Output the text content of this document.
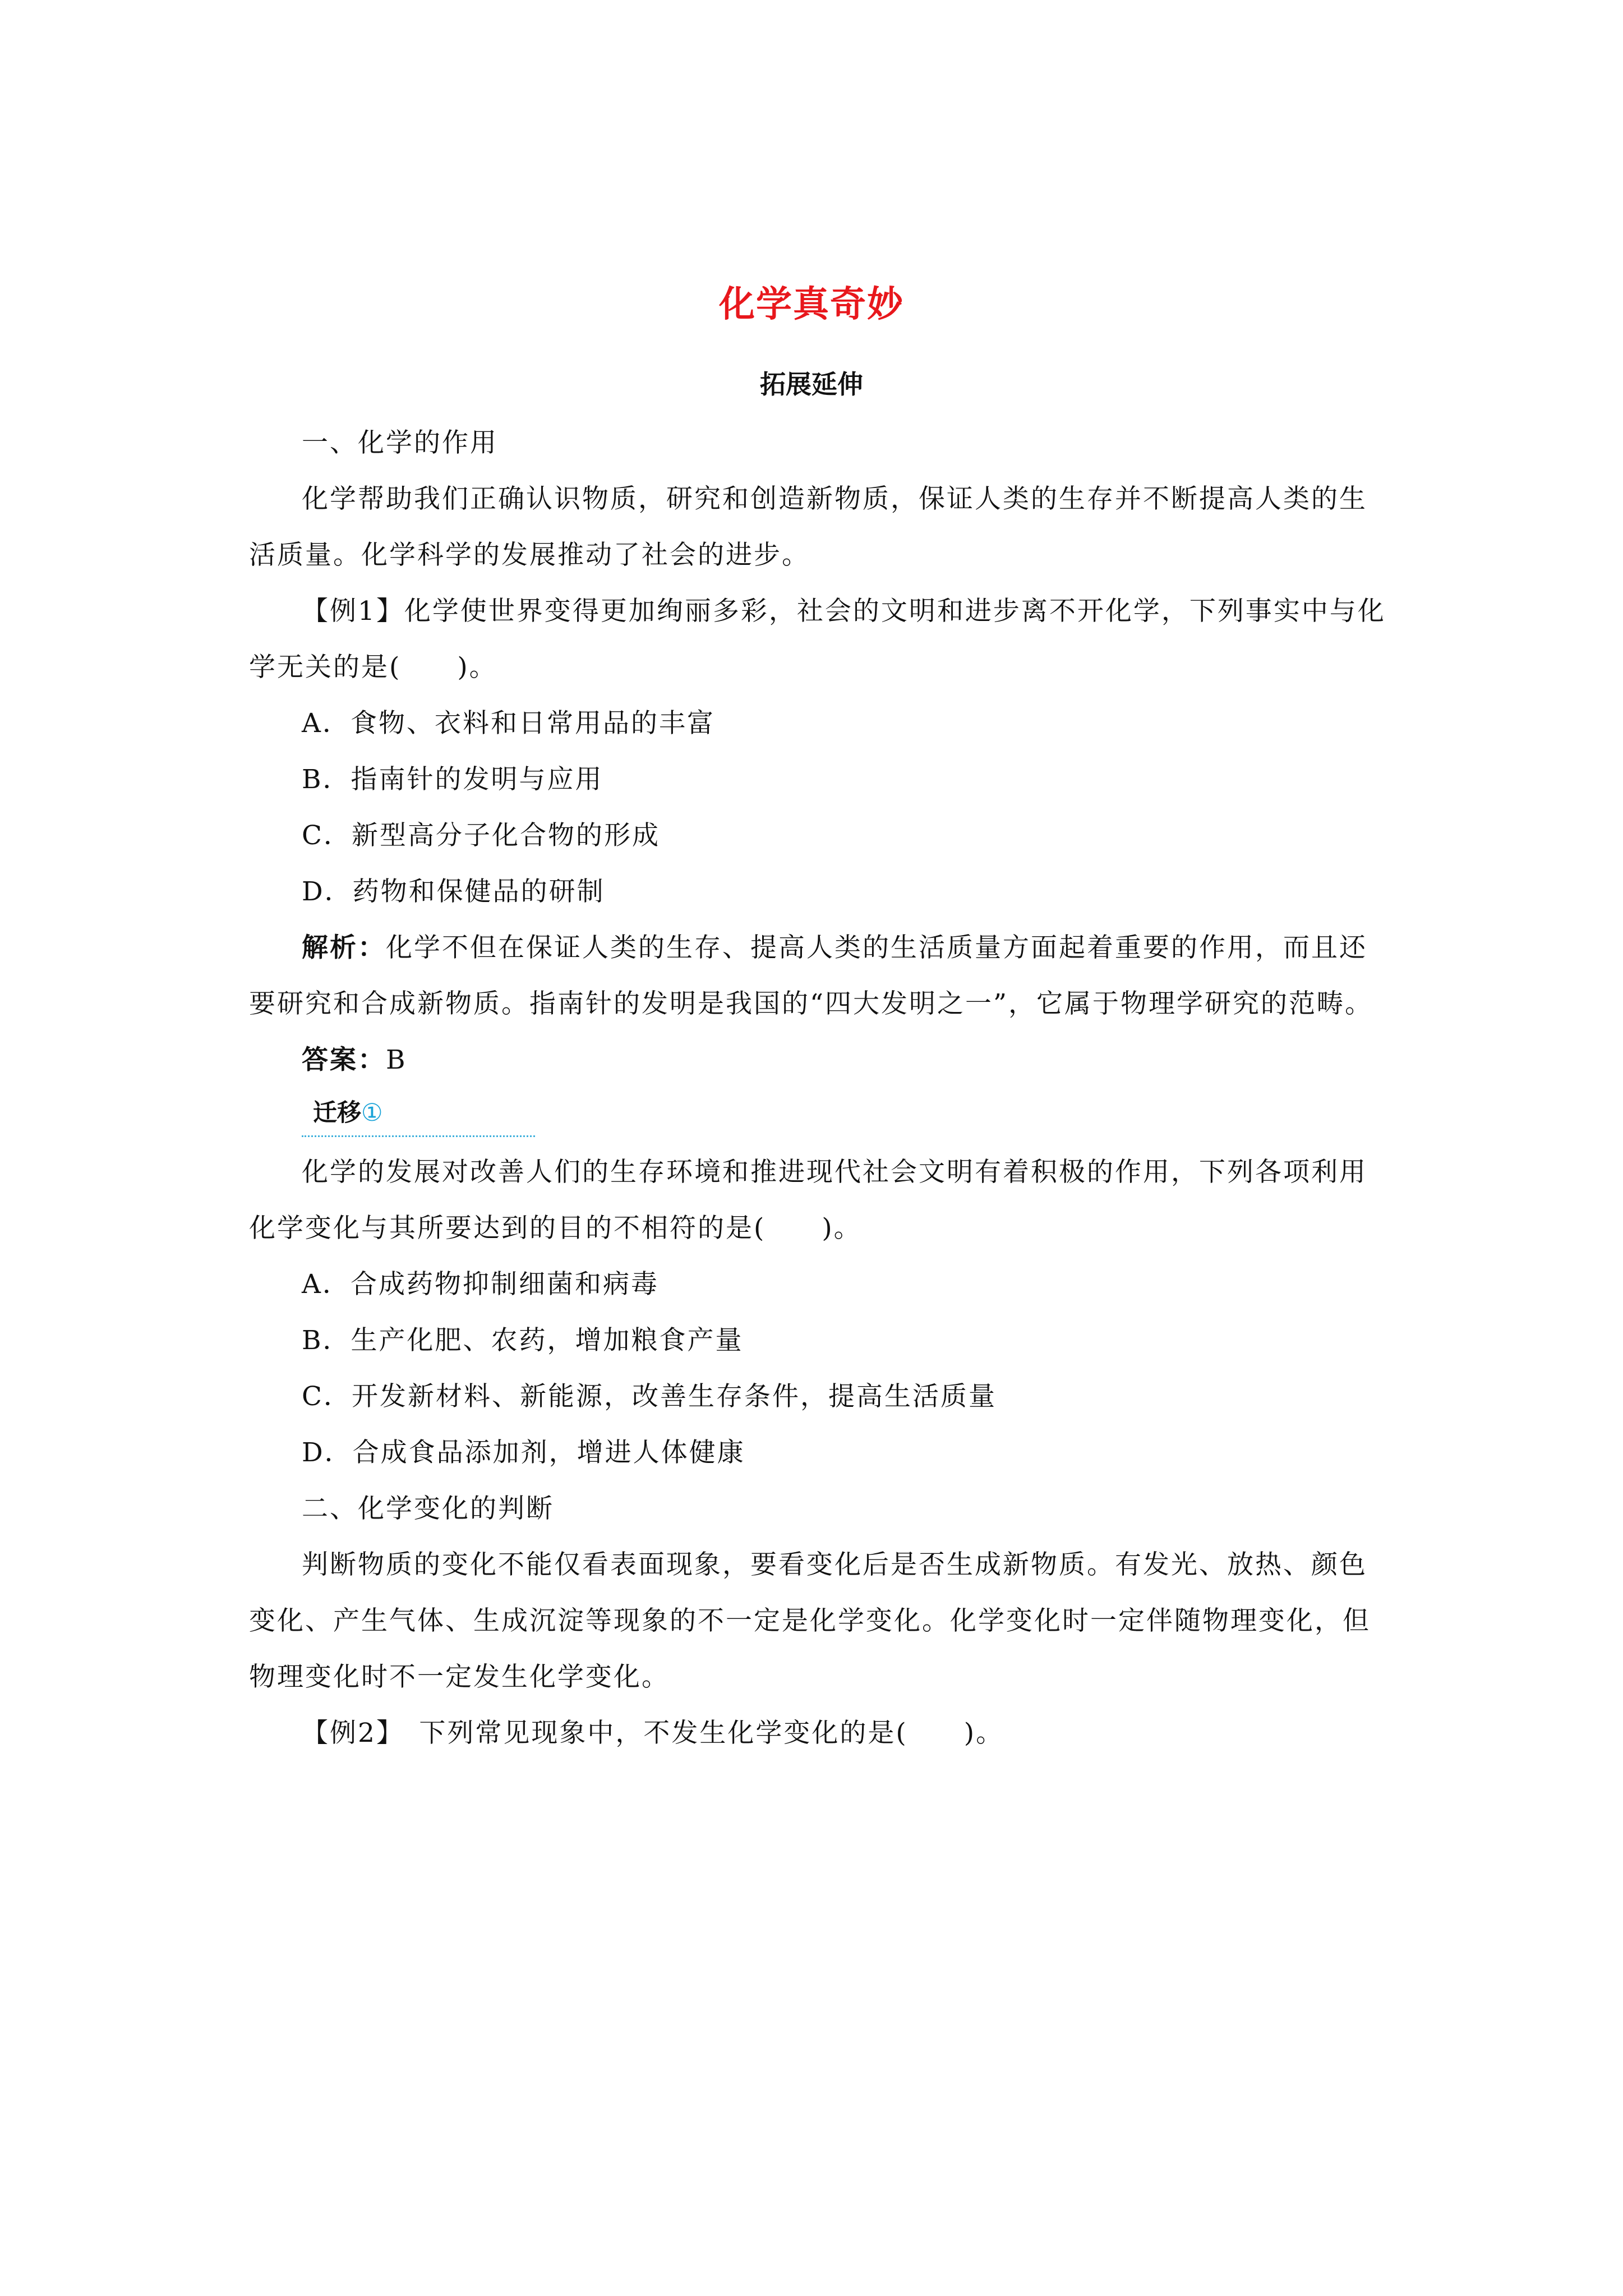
化学真奇妙
拓展延伸

一、化学的作用

化学帮助我们正确认识物质，研究和创造新物质，保证人类的生存并不断提高人类的生活质量。化学科学的发展推动了社会的进步。

【例1】化学使世界变得更加绚丽多彩，社会的文明和进步离不开化学，下列事实中与化学无关的是(　　)。

A．食物、衣料和日常用品的丰富

B．指南针的发明与应用

C．新型高分子化合物的形成

D．药物和保健品的研制

解析：化学不但在保证人类的生存、提高人类的生活质量方面起着重要的作用，而且还要研究和合成新物质。指南针的发明是我国的“四大发明之一”，它属于物理学研究的范畴。

答案：B

迁移①

化学的发展对改善人们的生存环境和推进现代社会文明有着积极的作用，下列各项利用化学变化与其所要达到的目的不相符的是(　　)。

A．合成药物抑制细菌和病毒

B．生产化肥、农药，增加粮食产量

C．开发新材料、新能源，改善生存条件，提高生活质量

D．合成食品添加剂，增进人体健康

二、化学变化的判断

判断物质的变化不能仅看表面现象，要看变化后是否生成新物质。有发光、放热、颜色变化、产生气体、生成沉淀等现象的不一定是化学变化。化学变化时一定伴随物理变化，但物理变化时不一定发生化学变化。

【例2】　下列常见现象中，不发生化学变化的是(　　)。
